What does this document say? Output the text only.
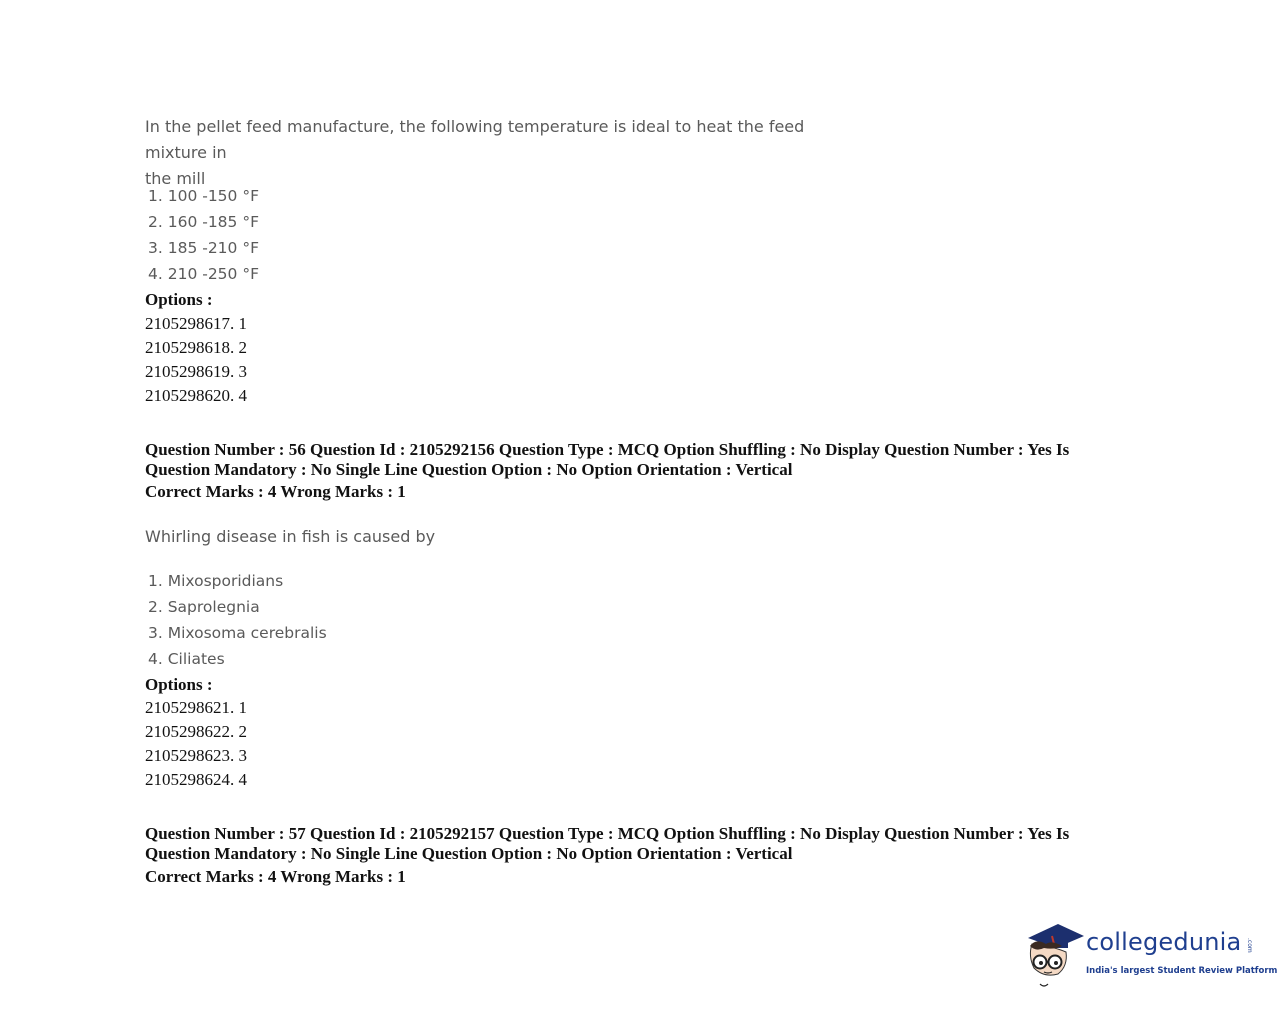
In the pellet feed manufacture, the following temperature is ideal to heat the feed mixture in
the mill
1. 100 -150 °F
2. 160 -185 °F
3. 185 -210 °F
4. 210 -250 °F
Options :
2105298617. 1
2105298618. 2
2105298619. 3
2105298620. 4
Question Number : 56 Question Id : 2105292156 Question Type : MCQ Option Shuffling : No Display Question Number : Yes Is
Question Mandatory : No Single Line Question Option : No Option Orientation : Vertical
Correct Marks : 4 Wrong Marks : 1
Whirling disease in fish is caused by
1. Mixosporidians
2. Saprolegnia
3. Mixosoma cerebralis
4. Ciliates
Options :
2105298621. 1
2105298622. 2
2105298623. 3
2105298624. 4
Question Number : 57 Question Id : 2105292157 Question Type : MCQ Option Shuffling : No Display Question Number : Yes Is
Question Mandatory : No Single Line Question Option : No Option Orientation : Vertical
Correct Marks : 4 Wrong Marks : 1
collegedunia .com
India's largest Student Review Platform
